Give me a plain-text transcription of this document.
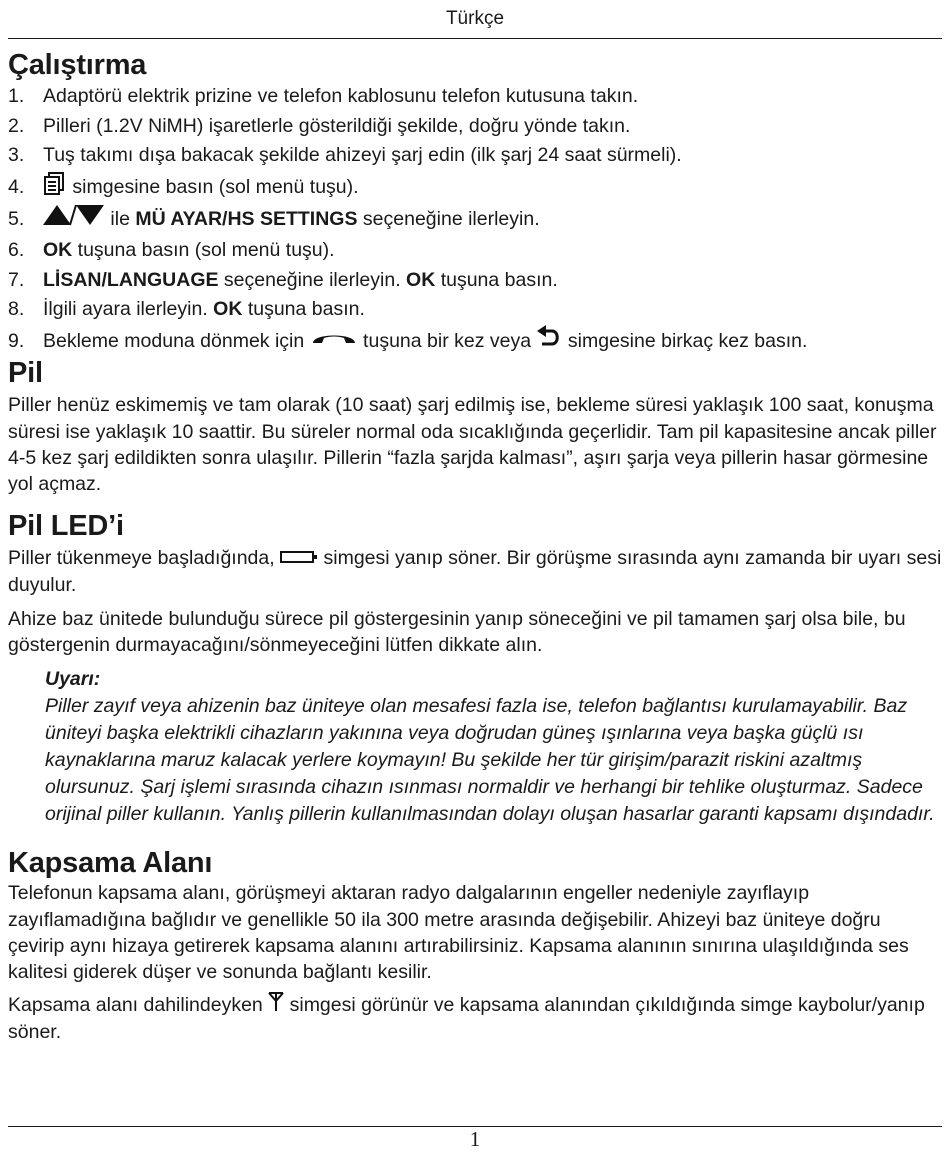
Türkçe
Çalıştırma
1. Adaptörü elektrik prizine ve telefon kablosunu telefon kutusuna takın.
2. Pilleri (1.2V NiMH) işaretlerle gösterildiği şekilde, doğru yönde takın.
3. Tuş takımı dışa bakacak şekilde ahizeyi şarj edin (ilk şarj 24 saat sürmeli).
4. simgesine basın (sol menü tuşu).
5.	ile MÜ AYAR/HS SETTINGS seçeneğine ilerleyin.
6. OK tuşuna basın (sol menü tuşu).
7. LİSAN/LANGUAGE seçeneğine ilerleyin. OK tuşuna basın.
8. İlgili ayara ilerleyin. OK tuşuna basın.
9. Bekleme moduna dönmek için  tuşuna bir kez veya  simgesine birkaç kez basın.
Pil

Piller henüz eskimemiş ve tam olarak (10 saat) şarj edilmiş ise, bekleme süresi yaklaşık 100 saat, konuşma süresi ise yaklaşık 10 saattir. Bu süreler normal oda sıcaklığında geçerlidir. Tam pil kapasitesine ancak piller 4-5 kez şarj edildikten sonra ulaşılır. Pillerin “fazla şarjda kalması”, aşırı şarja veya pillerin hasar görmesine yol açmaz.

Pil LED’i

Piller tükenmeye başladığında,  simgesi yanıp söner. Bir görüşme sırasında aynı zamanda bir uyarı sesi duyulur.

Ahize baz ünitede bulunduğu sürece pil göstergesinin yanıp söneceğini ve pil tamamen şarj olsa bile, bu göstergenin durmayacağını/sönmeyeceğini lütfen dikkate alın.

Uyarı:

Piller zayıf veya ahizenin baz üniteye olan mesafesi fazla ise, telefon bağlantısı kurulamayabilir. Baz üniteyi başka elektrikli cihazların yakınına veya doğrudan güneş ışınlarına veya başka güçlü ısı kaynaklarına maruz kalacak yerlere koymayın! Bu şekilde her tür girişim/parazit riskini azaltmış olursunuz. Şarj işlemi sırasında cihazın ısınması normaldir ve herhangi bir tehlike oluşturmaz. Sadece orijinal piller kullanın. Yanlış pillerin kullanılmasından dolayı oluşan hasarlar garanti kapsamı dışındadır.

Kapsama Alanı

Telefonun kapsama alanı, görüşmeyi aktaran radyo dalgalarının engeller nedeniyle zayıflayıp zayıflamadığına bağlıdır ve genellikle 50 ila 300 metre arasında değişebilir. Ahizeyi baz üniteye doğru çevirip aynı hizaya getirerek kapsama alanını artırabilirsiniz. Kapsama alanının sınırına ulaşıldığında ses kalitesi giderek düşer ve sonunda bağlantı kesilir.

Kapsama alanı dahilindeyken  simgesi görünür ve kapsama alanından çıkıldığında simge kaybolur/yanıp söner.

1
